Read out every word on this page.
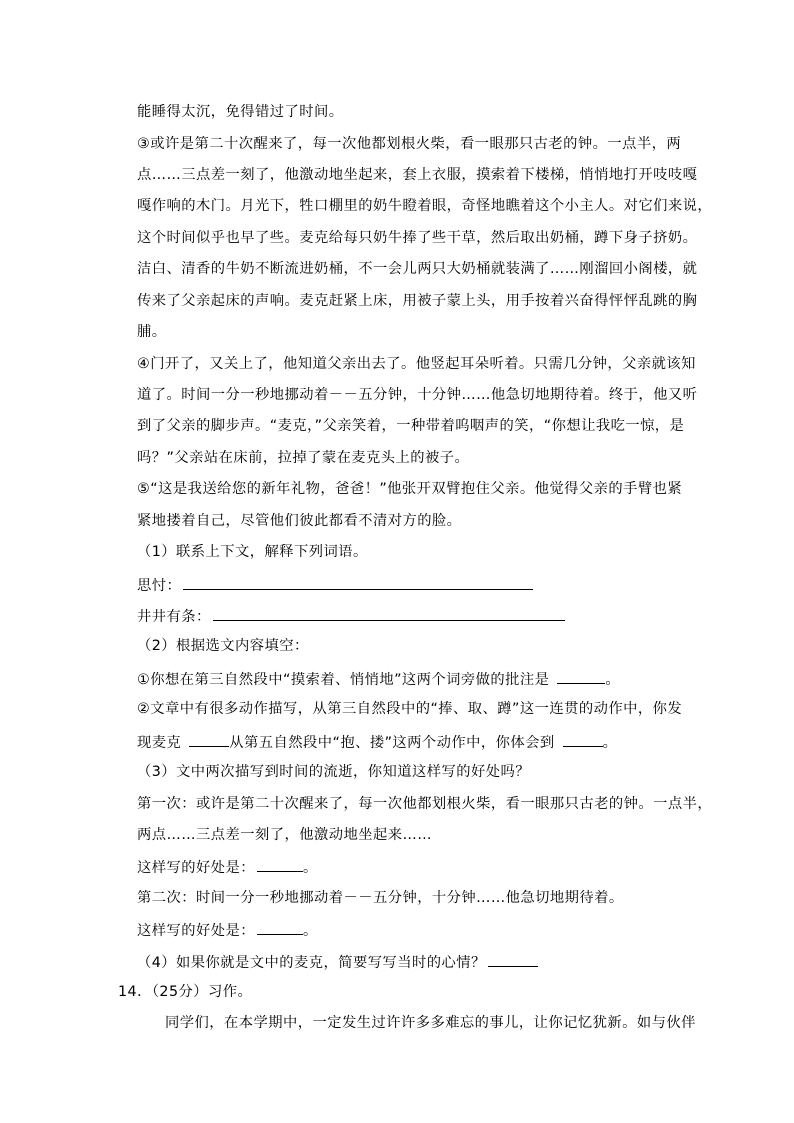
能睡得太沉，免得错过了时间。
③或许是第二十次醒来了，每一次他都划根火柴，看一眼那只古老的钟。一点半，两
点……三点差一刻了，他激动地坐起来，套上衣服，摸索着下楼梯，悄悄地打开吱吱嘎
嘎作响的木门。月光下，牲口棚里的奶牛瞪着眼，奇怪地瞧着这个小主人。对它们来说，
这个时间似乎也早了些。麦克给每只奶牛捧了些干草，然后取出奶桶，蹲下身子挤奶。
洁白、清香的牛奶不断流进奶桶，不一会儿两只大奶桶就装满了……刚溜回小阁楼，就
传来了父亲起床的声响。麦克赶紧上床，用被子蒙上头，用手按着兴奋得怦怦乱跳的胸
脯。
④门开了，又关上了，他知道父亲出去了。他竖起耳朵听着。只需几分钟，父亲就该知
道了。时间一分一秒地挪动着－－五分钟，十分钟……他急切地期待着。终于，他又听
到了父亲的脚步声。“麦克，”父亲笑着，一种带着呜咽声的笑，“你想让我吃一惊，是
吗？”父亲站在床前，拉掉了蒙在麦克头上的被子。
⑤“这是我送给您的新年礼物，爸爸！”他张开双臂抱住父亲。他觉得父亲的手臂也紧
紧地搂着自己，尽管他们彼此都看不清对方的脸。
（1）联系上下文，解释下列词语。
思忖：
井井有条：
（2）根据选文内容填空：
①你想在第三自然段中“摸索着、悄悄地”这两个词旁做的批注是	。
②文章中有很多动作描写，从第三自然段中的“捧、取、蹲”这一连贯的动作中，你发
现麦克	从第五自然段中“抱、搂”这两个动作中，你体会到	。
（3）文中两次描写到时间的流逝，你知道这样写的好处吗？
第一次：或许是第二十次醒来了，每一次他都划根火柴，看一眼那只古老的钟。一点半，
两点……三点差一刻了，他激动地坐起来……
这样写的好处是：	。
第二次：时间一分一秒地挪动着－－五分钟，十分钟……他急切地期待着。
这样写的好处是：	。
（4）如果你就是文中的麦克，简要写写当时的心情？
14．（25分）习作。
同学们，在本学期中，一定发生过许许多多难忘的事儿，让你记忆犹新。如与伙伴
